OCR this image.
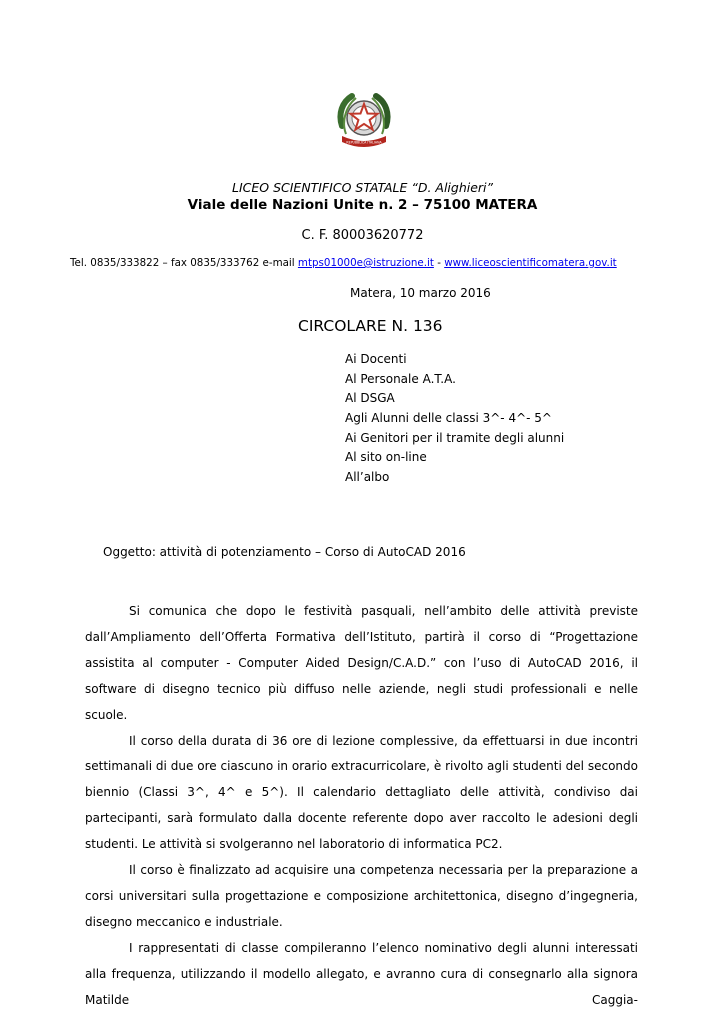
REPUBBLICA ITALIANA
LICEO SCIENTIFICO STATALE “D. Alighieri”
Viale delle Nazioni Unite n. 2 – 75100 MATERA
C. F. 80003620772
Tel. 0835/333822 – fax 0835/333762 e-mail mtps01000e@istruzione.it - www.liceoscientificomatera.gov.it
Matera, 10 marzo 2016
CIRCOLARE N. 136
Ai Docenti
Al Personale A.T.A.
Al DSGA
Agli Alunni delle classi 3^- 4^- 5^
Ai Genitori per il tramite degli alunni
Al sito on-line
All’albo
Oggetto: attività di potenziamento – Corso di AutoCAD 2016

Si comunica che dopo le festività pasquali, nell’ambito delle attività previste dall’Ampliamento dell’Offerta Formativa dell’Istituto, partirà il corso di “Progettazione assistita al computer - Computer Aided Design/C.A.D.” con l’uso di AutoCAD 2016, il software di disegno tecnico più diffuso nelle aziende, negli studi professionali e nelle scuole.

Il corso della durata di 36 ore di lezione complessive, da effettuarsi in due incontri settimanali di due ore ciascuno in orario extracurricolare, è rivolto agli studenti del secondo biennio (Classi 3^, 4^ e 5^). Il calendario dettagliato delle attività, condiviso dai partecipanti, sarà formulato dalla docente referente dopo aver raccolto le adesioni degli studenti. Le attività si svolgeranno nel laboratorio di informatica PC2.

Il corso è finalizzato ad acquisire una competenza necessaria per la preparazione a corsi universitari sulla progettazione e composizione architettonica, disegno d’ingegneria, disegno meccanico e industriale.

I rappresentati di classe compileranno l’elenco nominativo degli alunni interessati alla frequenza, utilizzando il modello allegato, e avranno cura di consegnarlo alla signora Matilde Caggia-
